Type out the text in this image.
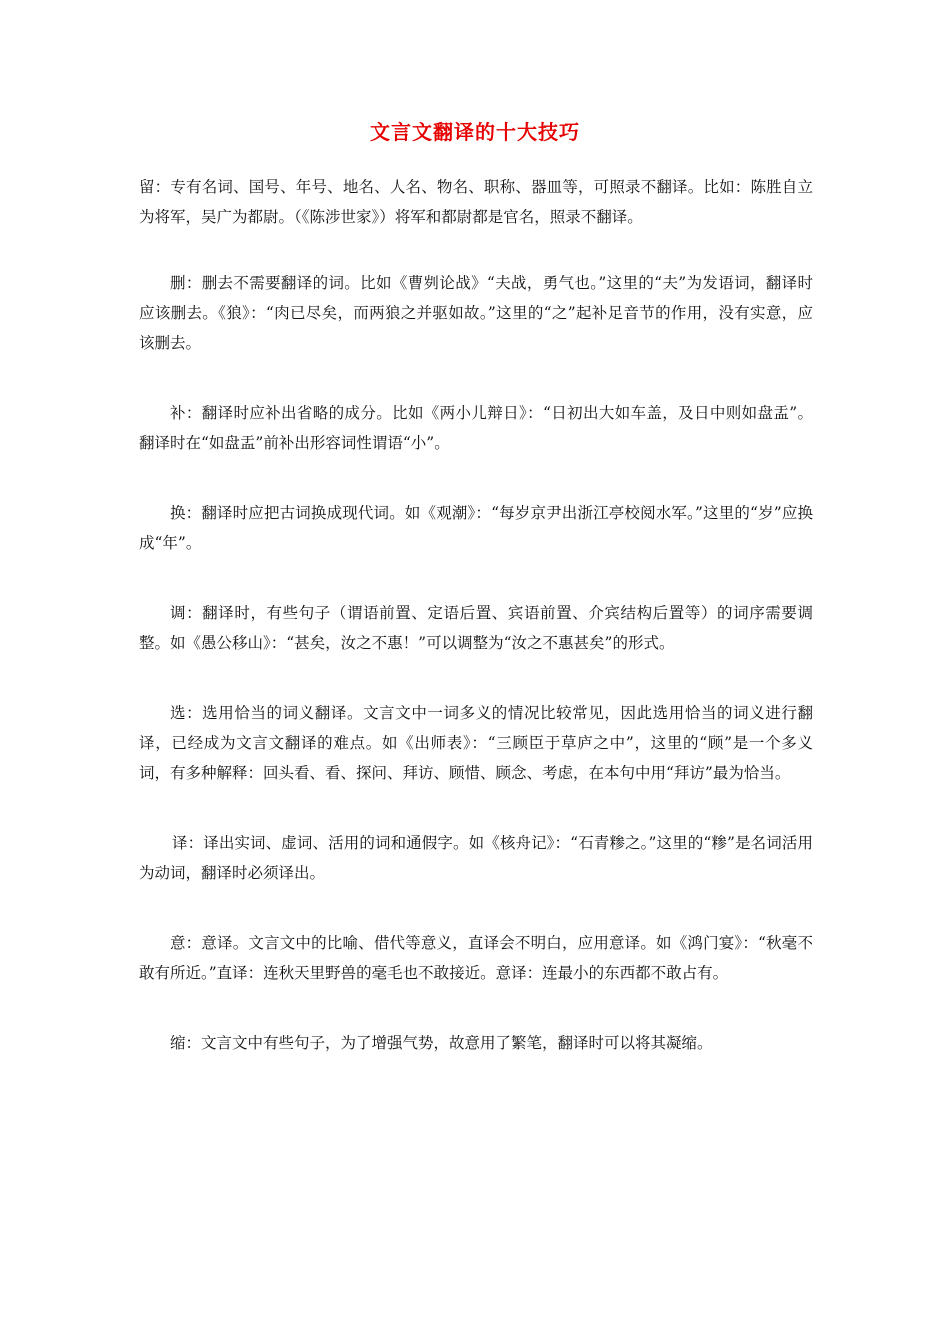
文言文翻译的十大技巧

留：专有名词、国号、年号、地名、人名、物名、职称、器皿等，可照录不翻译。比如：陈胜自立为将军，吴广为都尉。（《陈涉世家》）将军和都尉都是官名，照录不翻译。

删：删去不需要翻译的词。比如《曹刿论战》“夫战，勇气也。”这里的“夫”为发语词，翻译时应该删去。《狼》：“肉已尽矣，而两狼之并驱如故。”这里的“之”起补足音节的作用，没有实意，应该删去。

补：翻译时应补出省略的成分。比如《两小儿辩日》：“日初出大如车盖，及日中则如盘盂”。翻译时在“如盘盂”前补出形容词性谓语“小”。

换：翻译时应把古词换成现代词。如《观潮》：“每岁京尹出浙江亭校阅水军。”这里的“岁”应换成“年”。

调：翻译时，有些句子（谓语前置、定语后置、宾语前置、介宾结构后置等）的词序需要调整。如《愚公移山》：“甚矣，汝之不惠！”可以调整为“汝之不惠甚矣”的形式。

选：选用恰当的词义翻译。文言文中一词多义的情况比较常见，因此选用恰当的词义进行翻译，已经成为文言文翻译的难点。如《出师表》：“三顾臣于草庐之中”，这里的“顾”是一个多义词，有多种解释：回头看、看、探问、拜访、顾惜、顾念、考虑，在本句中用“拜访”最为恰当。

译：译出实词、虚词、活用的词和通假字。如《核舟记》：“石青糁之。”这里的“糁”是名词活用为动词，翻译时必须译出。

意：意译。文言文中的比喻、借代等意义，直译会不明白，应用意译。如《鸿门宴》：“秋毫不敢有所近。”直译：连秋天里野兽的毫毛也不敢接近。意译：连最小的东西都不敢占有。

缩：文言文中有些句子，为了增强气势，故意用了繁笔，翻译时可以将其凝缩。
